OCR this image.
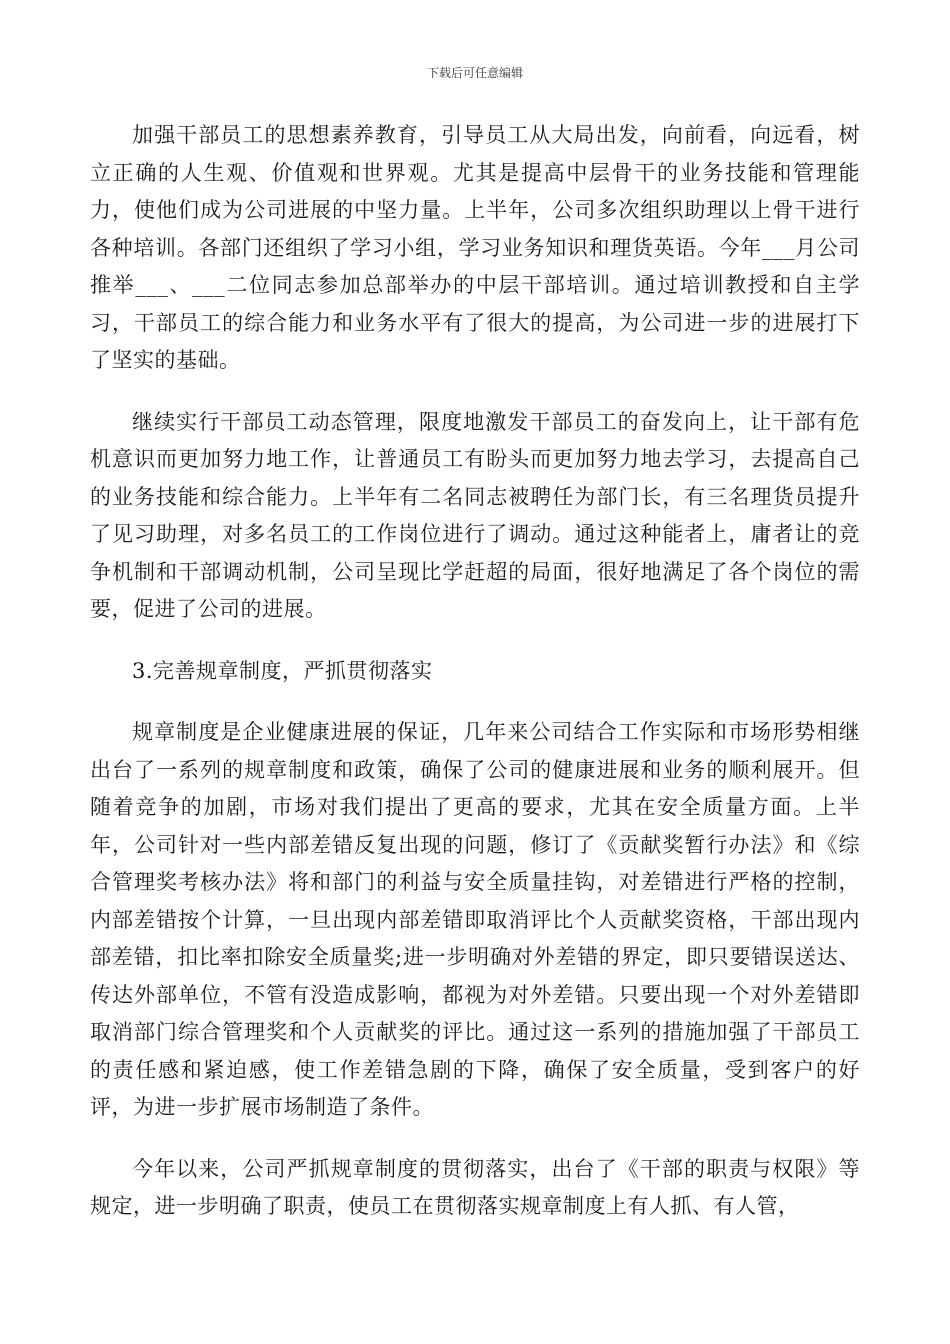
下载后可任意编辑

加强干部员工的思想素养教育，引导员工从大局出发，向前看，向远看，树立正确的人生观、价值观和世界观。尤其是提高中层骨干的业务技能和管理能力，使他们成为公司进展的中坚力量。上半年，公司多次组织助理以上骨干进行各种培训。各部门还组织了学习小组，学习业务知识和理货英语。今年___月公司推举___、___二位同志参加总部举办的中层干部培训。通过培训教授和自主学习，干部员工的综合能力和业务水平有了很大的提高，为公司进一步的进展打下了坚实的基础。

继续实行干部员工动态管理，限度地激发干部员工的奋发向上，让干部有危机意识而更加努力地工作，让普通员工有盼头而更加努力地去学习，去提高自己的业务技能和综合能力。上半年有二名同志被聘任为部门长，有三名理货员提升了见习助理，对多名员工的工作岗位进行了调动。通过这种能者上，庸者让的竞争机制和干部调动机制，公司呈现比学赶超的局面，很好地满足了各个岗位的需要，促进了公司的进展。

3.完善规章制度，严抓贯彻落实

规章制度是企业健康进展的保证，几年来公司结合工作实际和市场形势相继出台了一系列的规章制度和政策，确保了公司的健康进展和业务的顺利展开。但随着竞争的加剧，市场对我们提出了更高的要求，尤其在安全质量方面。上半年，公司针对一些内部差错反复出现的问题，修订了《贡献奖暂行办法》和《综合管理奖考核办法》将和部门的利益与安全质量挂钩，对差错进行严格的控制，内部差错按个计算，一旦出现内部差错即取消评比个人贡献奖资格，干部出现内部差错，扣比率扣除安全质量奖;进一步明确对外差错的界定，即只要错误送达、传达外部单位，不管有没造成影响，都视为对外差错。只要出现一个对外差错即取消部门综合管理奖和个人贡献奖的评比。通过这一系列的措施加强了干部员工的责任感和紧迫感，使工作差错急剧的下降，确保了安全质量，受到客户的好评，为进一步扩展市场制造了条件。

今年以来，公司严抓规章制度的贯彻落实，出台了《干部的职责与权限》等规定，进一步明确了职责，使员工在贯彻落实规章制度上有人抓、有人管，
